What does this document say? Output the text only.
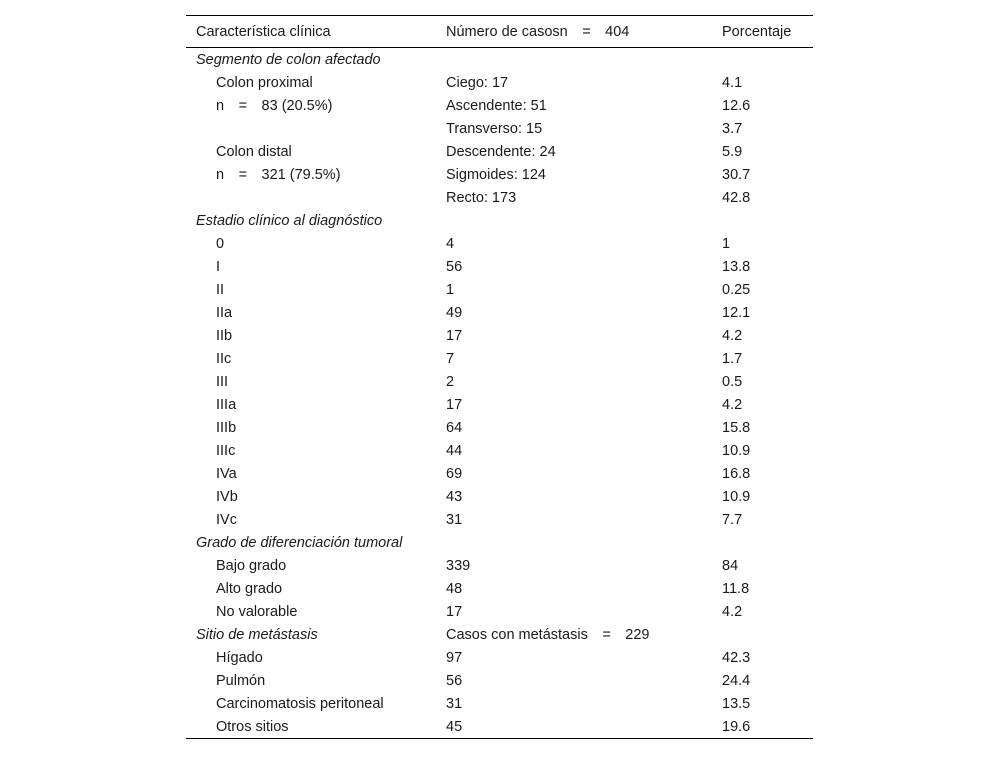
Característica clínica	Número de casosn  =  404	Porcentaje
Segmento de colon afectado		
Colon proximal	Ciego: 17	4.1
n  =  83 (20.5%)	Ascendente: 51	12.6
	Transverso: 15	3.7
Colon distal	Descendente: 24	5.9
n  =  321 (79.5%)	Sigmoides: 124	30.7
	Recto: 173	42.8
Estadio clínico al diagnóstico		
0	4	1
I	56	13.8
II	1	0.25
IIa	49	12.1
IIb	17	4.2
IIc	7	1.7
III	2	0.5
IIIa	17	4.2
IIIb	64	15.8
IIIc	44	10.9
IVa	69	16.8
IVb	43	10.9
IVc	31	7.7
Grado de diferenciación tumoral		
Bajo grado	339	84
Alto grado	48	11.8
No valorable	17	4.2
Sitio de metástasis	Casos con metástasis  =  229	
Hígado	97	42.3
Pulmón	56	24.4
Carcinomatosis peritoneal	31	13.5
Otros sitios	45	19.6
